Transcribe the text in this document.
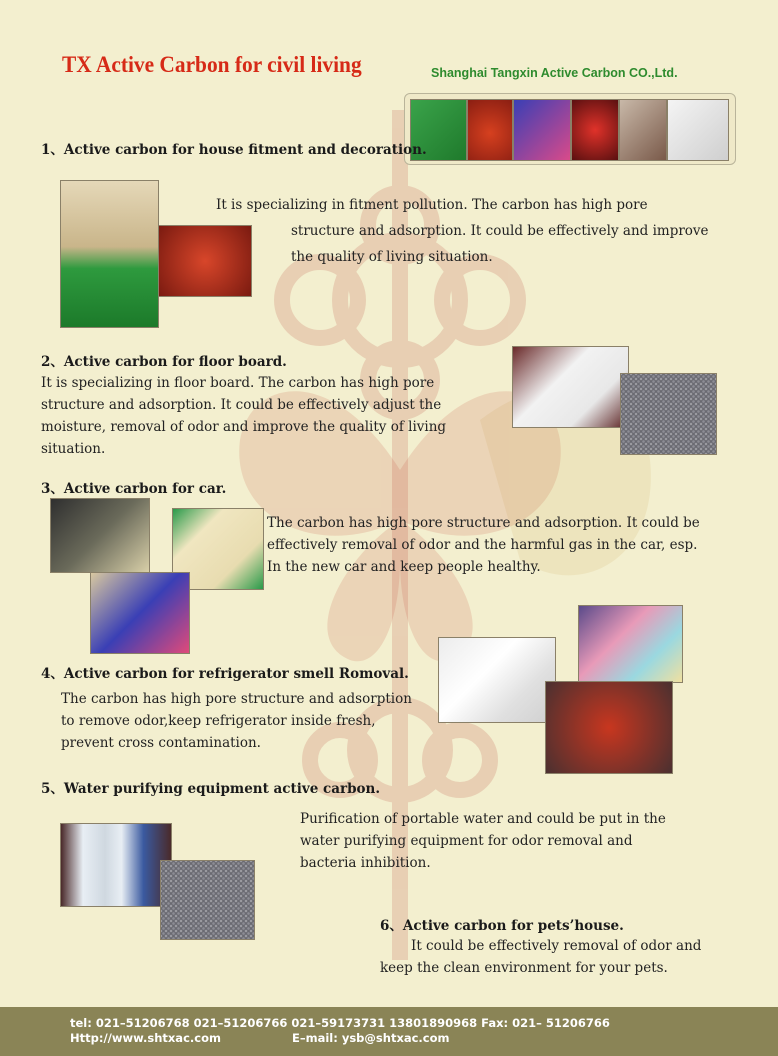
TX Active Carbon for civil living	Shanghai Tangxin Active Carbon CO.,Ltd.
1、Active carbon for house fitment and decoration.

It is specializing in fitment pollution. The carbon has high pore

structure and adsorption. It could be effectively and improve

the quality of living situation.

2、Active carbon for floor board.

It is specializing in floor board. The carbon has high pore

structure and adsorption. It could be effectively adjust the

moisture, removal of odor and improve the quality of living

situation.

3、Active carbon for car.

The carbon has high pore structure and adsorption. It could be

effectively removal of odor and the harmful gas in the car, esp.

In the new car and keep people healthy.

4、Active carbon for refrigerator smell Romoval.

The carbon has high pore structure and adsorption

to remove odor,keep refrigerator inside fresh,

prevent cross contamination.

5、Water purifying equipment active carbon.

Purification of portable water and could be put in the

water purifying equipment for odor removal and

bacteria inhibition.

6、Active carbon for pets’house.

It could be effectively removal of odor and

keep the clean environment for your pets.

tel: 021–51206768 021–51206766 021–59173731 13801890968 Fax: 021– 51206766
Http://www.shtxac.com	E–mail: ysb@shtxac.com
